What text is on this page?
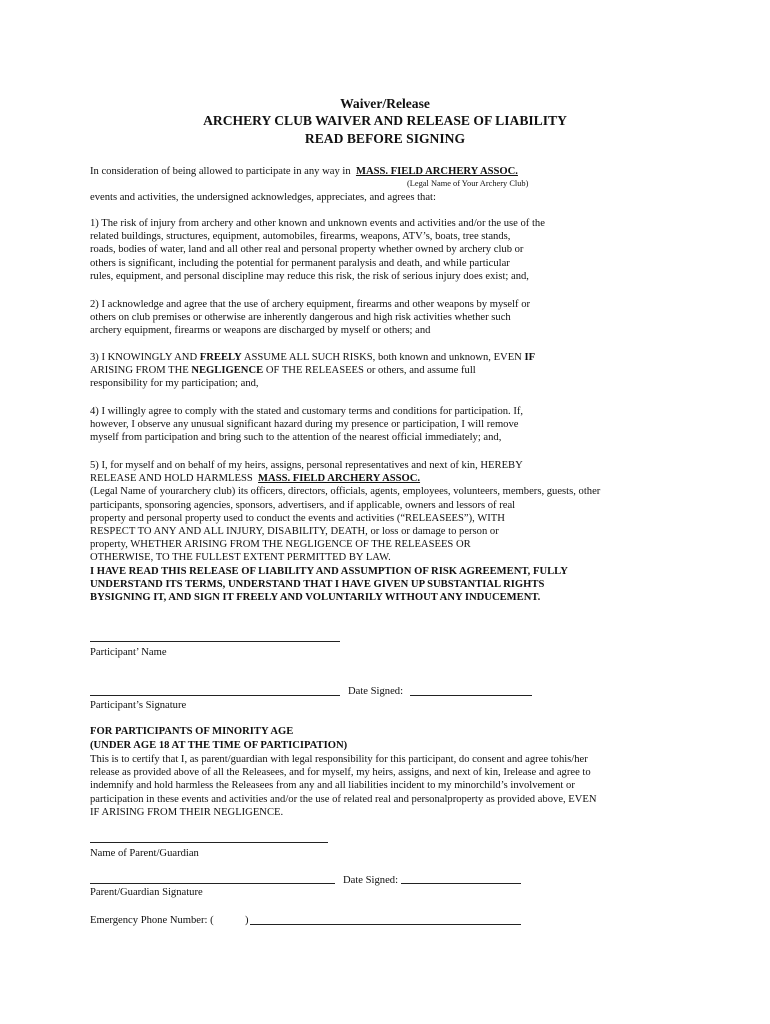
Waiver/Release
ARCHERY CLUB WAIVER AND RELEASE OF LIABILITY
READ BEFORE SIGNING
In consideration of being allowed to participate in any way in MASS. FIELD ARCHERY ASSOC.
(Legal Name of Your Archery Club)
events and activities, the undersigned acknowledges, appreciates, and agrees that:
1) The risk of injury from archery and other known and unknown events and activities and/or the use of the
related buildings, structures, equipment, automobiles, firearms, weapons, ATV’s, boats, tree stands,
roads, bodies of water, land and all other real and personal property whether owned by archery club or
others is significant, including the potential for permanent paralysis and death, and while particular
rules, equipment, and personal discipline may reduce this risk, the risk of serious injury does exist; and,
2) I acknowledge and agree that the use of archery equipment, firearms and other weapons by myself or
others on club premises or otherwise are inherently dangerous and high risk activities whether such
archery equipment, firearms or weapons are discharged by myself or others; and
3) I KNOWINGLY AND FREELY ASSUME ALL SUCH RISKS, both known and unknown, EVEN IF
ARISING FROM THE NEGLIGENCE OF THE RELEASEES or others, and assume full
responsibility for my participation; and,
4) I willingly agree to comply with the stated and customary terms and conditions for participation. If,
however, I observe any unusual significant hazard during my presence or participation, I will remove
myself from participation and bring such to the attention of the nearest official immediately; and,
5) I, for myself and on behalf of my heirs, assigns, personal representatives and next of kin, HEREBY
RELEASE AND HOLD HARMLESS MASS. FIELD ARCHERY ASSOC.
(Legal Name of yourarchery club) its officers, directors, officials, agents, employees, volunteers, members, guests, other
participants, sponsoring agencies, sponsors, advertisers, and if applicable, owners and lessors of real
property and personal property used to conduct the events and activities (“RELEASEES”), WITH
RESPECT TO ANY AND ALL INJURY, DISABILITY, DEATH, or loss or damage to person or
property, WHETHER ARISING FROM THE NEGLIGENCE OF THE RELEASEES OR
OTHERWISE, TO THE FULLEST EXTENT PERMITTED BY LAW.
I HAVE READ THIS RELEASE OF LIABILITY AND ASSUMPTION OF RISK AGREEMENT, FULLY
UNDERSTAND ITS TERMS, UNDERSTAND THAT I HAVE GIVEN UP SUBSTANTIAL RIGHTS
BYSIGNING IT, AND SIGN IT FREELY AND VOLUNTARILY WITHOUT ANY INDUCEMENT.
Participant’ Name
Date Signed:
Participant’s Signature
FOR PARTICIPANTS OF MINORITY AGE
(UNDER AGE 18 AT THE TIME OF PARTICIPATION)
This is to certify that I, as parent/guardian with legal responsibility for this participant, do consent and agree tohis/her
release as provided above of all the Releasees, and for myself, my heirs, assigns, and next of kin, Irelease and agree to
indemnify and hold harmless the Releasees from any and all liabilities incident to my minorchild’s involvement or
participation in these events and activities and/or the use of related real and personalproperty as provided above, EVEN
IF ARISING FROM THEIR NEGLIGENCE.
Name of Parent/Guardian
Date Signed:
Parent/Guardian Signature
Emergency Phone Number: (	)
